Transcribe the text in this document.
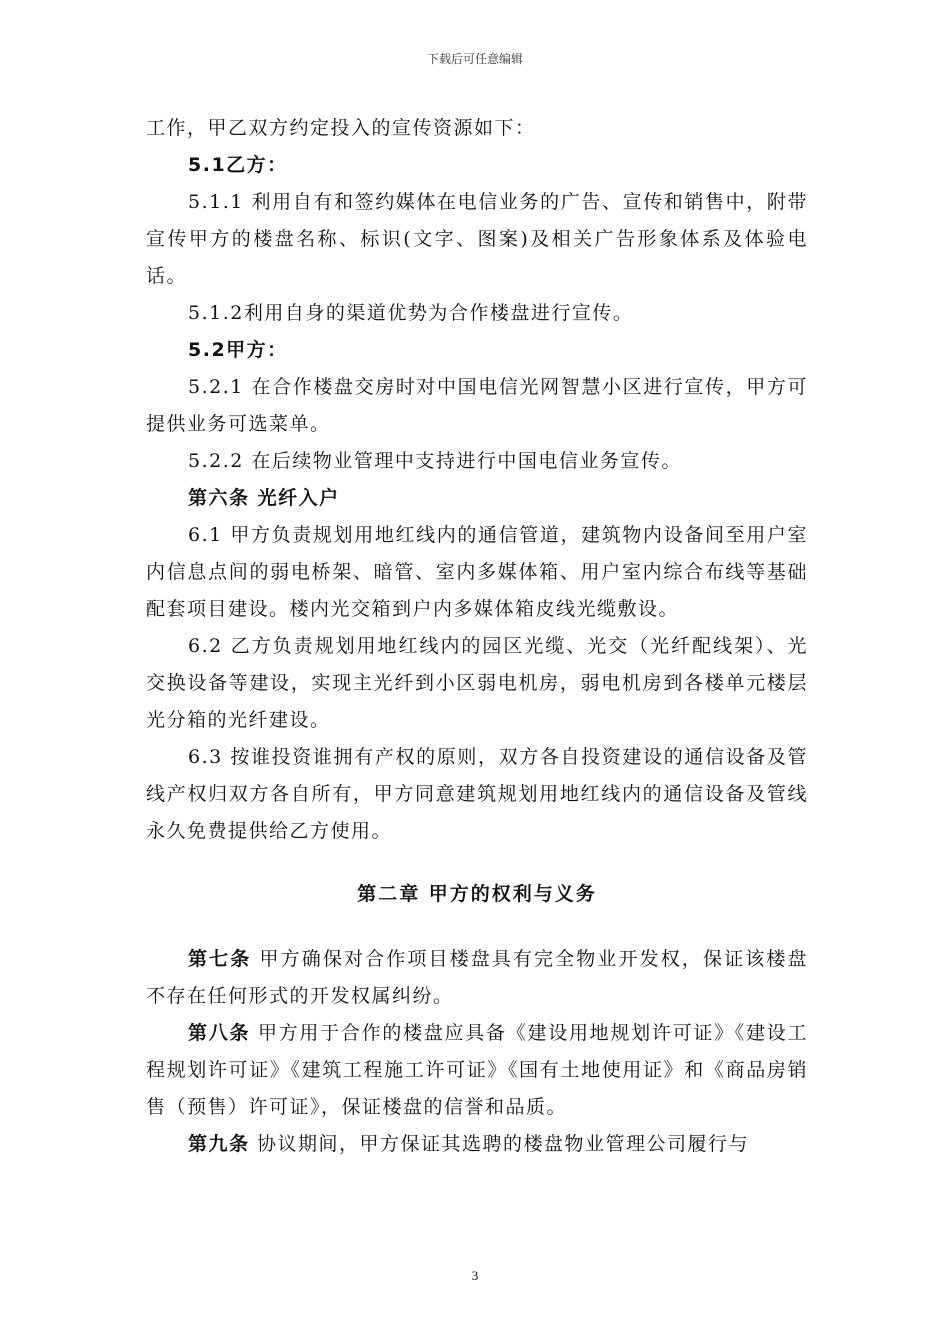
下载后可任意编辑

工作，甲乙双方约定投入的宣传资源如下：

5.1乙方：

5.1.1 利用自有和签约媒体在电信业务的广告、宣传和销售中，附带宣传甲方的楼盘名称、标识(文字、图案)及相关广告形象体系及体验电话。

5.1.2利用自身的渠道优势为合作楼盘进行宣传。

5.2甲方：

5.2.1 在合作楼盘交房时对中国电信光网智慧小区进行宣传，甲方可提供业务可选菜单。

5.2.2 在后续物业管理中支持进行中国电信业务宣传。

第六条 光纤入户

6.1 甲方负责规划用地红线内的通信管道，建筑物内设备间至用户室内信息点间的弱电桥架、暗管、室内多媒体箱、用户室内综合布线等基础配套项目建设。楼内光交箱到户内多媒体箱皮线光缆敷设。

6.2 乙方负责规划用地红线内的园区光缆、光交（光纤配线架）、光交换设备等建设，实现主光纤到小区弱电机房，弱电机房到各楼单元楼层光分箱的光纤建设。

6.3 按谁投资谁拥有产权的原则，双方各自投资建设的通信设备及管线产权归双方各自所有，甲方同意建筑规划用地红线内的通信设备及管线永久免费提供给乙方使用。

第二章 甲方的权利与义务

第七条 甲方确保对合作项目楼盘具有完全物业开发权，保证该楼盘不存在任何形式的开发权属纠纷。

第八条 甲方用于合作的楼盘应具备《建设用地规划许可证》《建设工程规划许可证》《建筑工程施工许可证》《国有土地使用证》和《商品房销售（预售）许可证》，保证楼盘的信誉和品质。

第九条 协议期间，甲方保证其选聘的楼盘物业管理公司履行与

3
